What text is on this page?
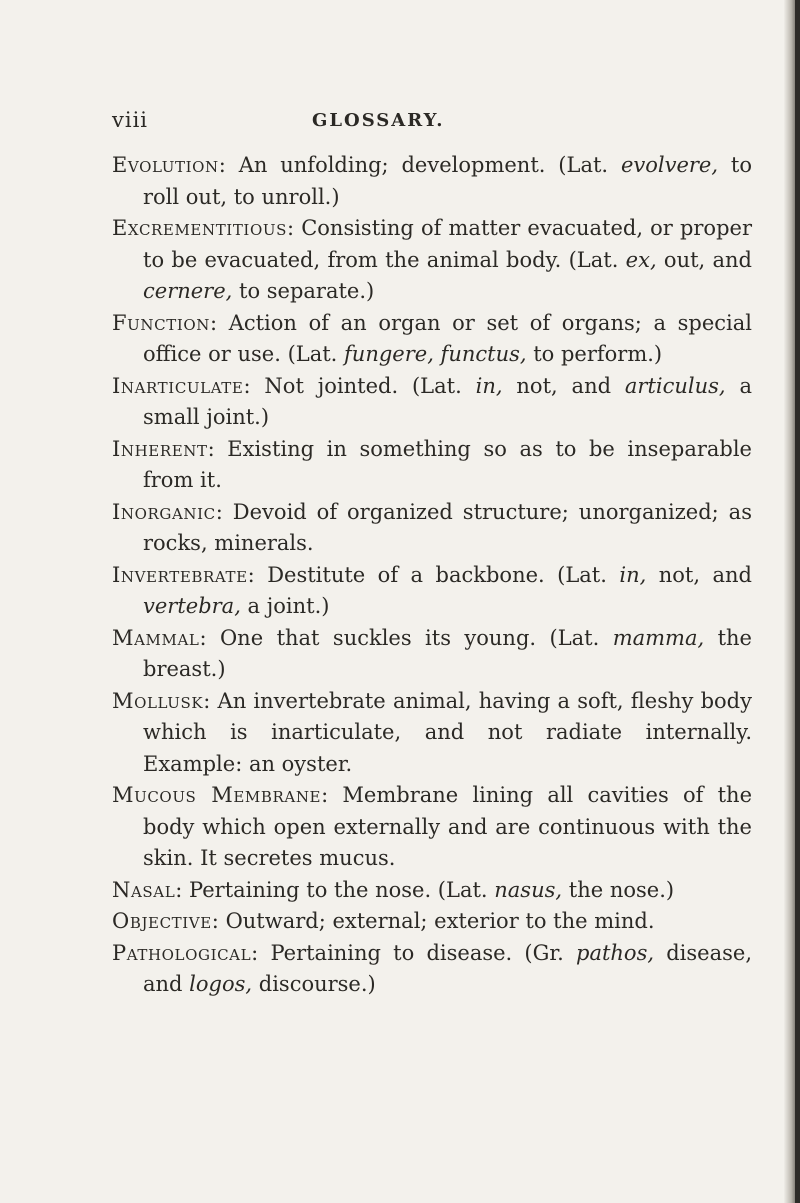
viii	GLOSSARY.

Evolution: An unfolding; development. (Lat. evolvere, to roll out, to unroll.)

Excrementitious: Consisting of matter evacuated, or proper to be evacuated, from the animal body. (Lat. ex, out, and cernere, to separate.)

Function: Action of an organ or set of organs; a special office or use. (Lat. fungere, functus, to perform.)

Inarticulate: Not jointed. (Lat. in, not, and articulus, a small joint.)

Inherent: Existing in something so as to be inseparable from it.

Inorganic: Devoid of organized structure; unorganized; as rocks, minerals.

Invertebrate: Destitute of a backbone. (Lat. in, not, and vertebra, a joint.)

Mammal: One that suckles its young. (Lat. mamma, the breast.)

Mollusk: An invertebrate animal, having a soft, fleshy body which is inarticulate, and not radiate internally. Example: an oyster.

Mucous Membrane: Membrane lining all cavities of the body which open externally and are continuous with the skin. It secretes mucus.

Nasal: Pertaining to the nose. (Lat. nasus, the nose.)

Objective: Outward; external; exterior to the mind.

Pathological: Pertaining to disease. (Gr. pathos, disease, and logos, discourse.)
